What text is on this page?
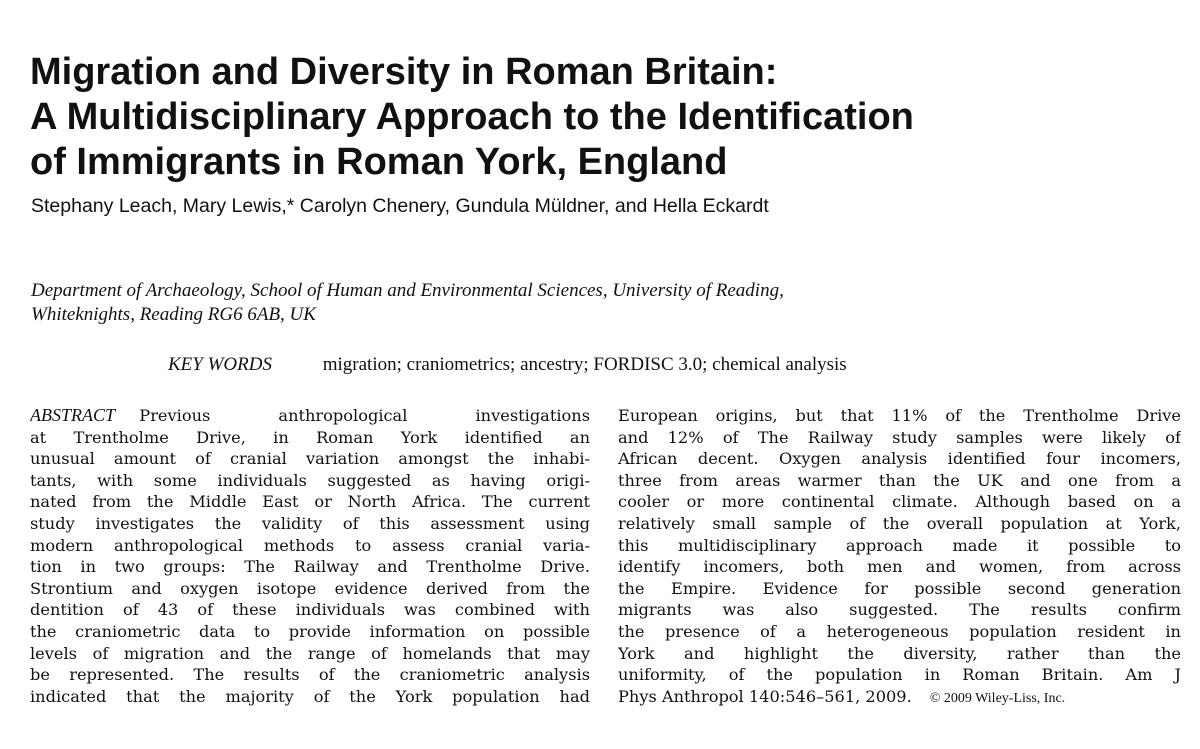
Migration and Diversity in Roman Britain:
A Multidisciplinary Approach to the Identification
of Immigrants in Roman York, England
Stephany Leach, Mary Lewis,* Carolyn Chenery, Gundula Müldner, and Hella Eckardt
Department of Archaeology, School of Human and Environmental Sciences, University of Reading,
Whiteknights, Reading RG6 6AB, UK
KEY WORDS	migration; craniometrics; ancestry; FORDISC 3.0; chemical analysis
ABSTRACT   Previous anthropological investigations
at Trentholme Drive, in Roman York identified an
unusual amount of cranial variation amongst the inhabi-
tants, with some individuals suggested as having origi-
nated from the Middle East or North Africa. The current
study investigates the validity of this assessment using
modern anthropological methods to assess cranial varia-
tion in two groups: The Railway and Trentholme Drive.
Strontium and oxygen isotope evidence derived from the
dentition of 43 of these individuals was combined with
the craniometric data to provide information on possible
levels of migration and the range of homelands that may
be represented. The results of the craniometric analysis
indicated that the majority of the York population had
European origins, but that 11% of the Trentholme Drive
and 12% of The Railway study samples were likely of
African decent. Oxygen analysis identified four incomers,
three from areas warmer than the UK and one from a
cooler or more continental climate. Although based on a
relatively small sample of the overall population at York,
this multidisciplinary approach made it possible to
identify incomers, both men and women, from across
the Empire. Evidence for possible second generation
migrants was also suggested. The results confirm
the presence of a heterogeneous population resident in
York and highlight the diversity, rather than the
uniformity, of the population in Roman Britain. Am J
Phys Anthropol 140:546–561, 2009. © 2009 Wiley-Liss, Inc.
